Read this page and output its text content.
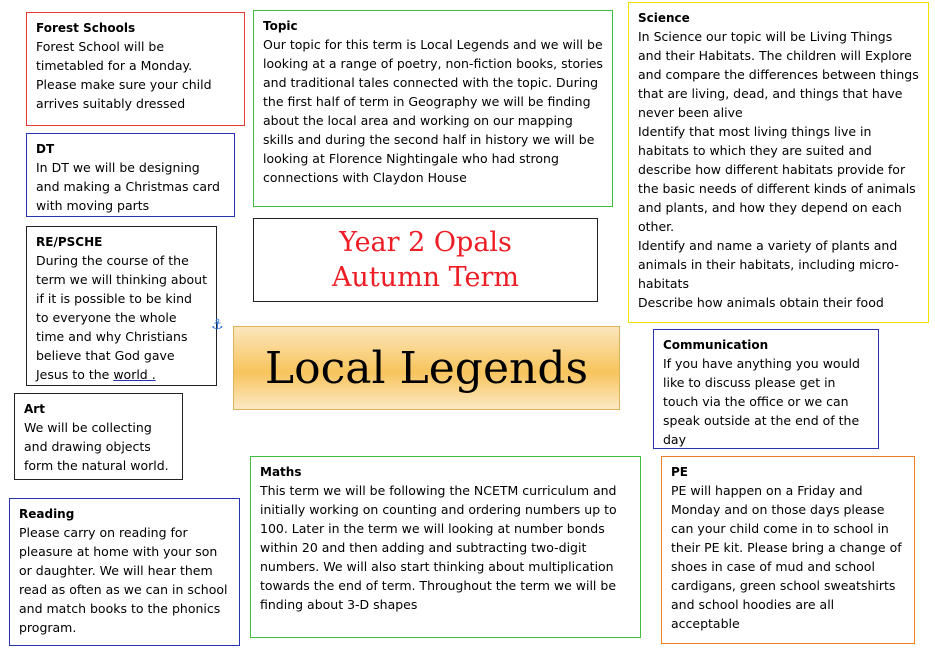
Forest Schools

Forest School will be timetabled for a Monday. Please make sure your child arrives suitably dressed

DT

In DT we will be designing and making a Christmas card with moving parts

RE/PSCHE

During the course of the term we will thinking about if it is possible to be kind to everyone the whole time and why Christians believe that God gave Jesus to the world .

⚓
Art

We will be collecting and drawing objects form the natural world.

Reading

Please carry on reading for pleasure at home with your son or daughter. We will hear them read as often as we can in school and match books to the phonics program.

Topic

Our topic for this term is Local Legends and we will be looking at a range of poetry, non-fiction books, stories and traditional tales connected with the topic. During the first half of term in Geography we will be finding about the local area and working on our mapping skills and during the second half in history we will be looking at Florence Nightingale who had strong connections with Claydon House

Year 2 Opals
Autumn Term
Local Legends
Science

In Science our topic will be Living Things and their Habitats. The children will Explore and compare the differences between things that are living, dead, and things that have never been alive

Identify that most living things live in habitats to which they are suited and describe how different habitats provide for the basic needs of different kinds of animals and plants, and how they depend on each other.

Identify and name a variety of plants and animals in their habitats, including micro-habitats

Describe how animals obtain their food

Communication

If you have anything you would like to discuss please get in touch via the office or we can speak outside at the end of the day

Maths

This term we will be following the NCETM curriculum and initially working on counting and ordering numbers up to 100. Later in the term we will looking at number bonds within 20 and then adding and subtracting two-digit numbers. We will also start thinking about multiplication towards the end of term. Throughout the term we will be finding about 3-D shapes

PE

PE will happen on a Friday and Monday and on those days please can your child come in to school in their PE kit. Please bring a change of shoes in case of mud and school cardigans, green school sweatshirts and school hoodies are all acceptable
